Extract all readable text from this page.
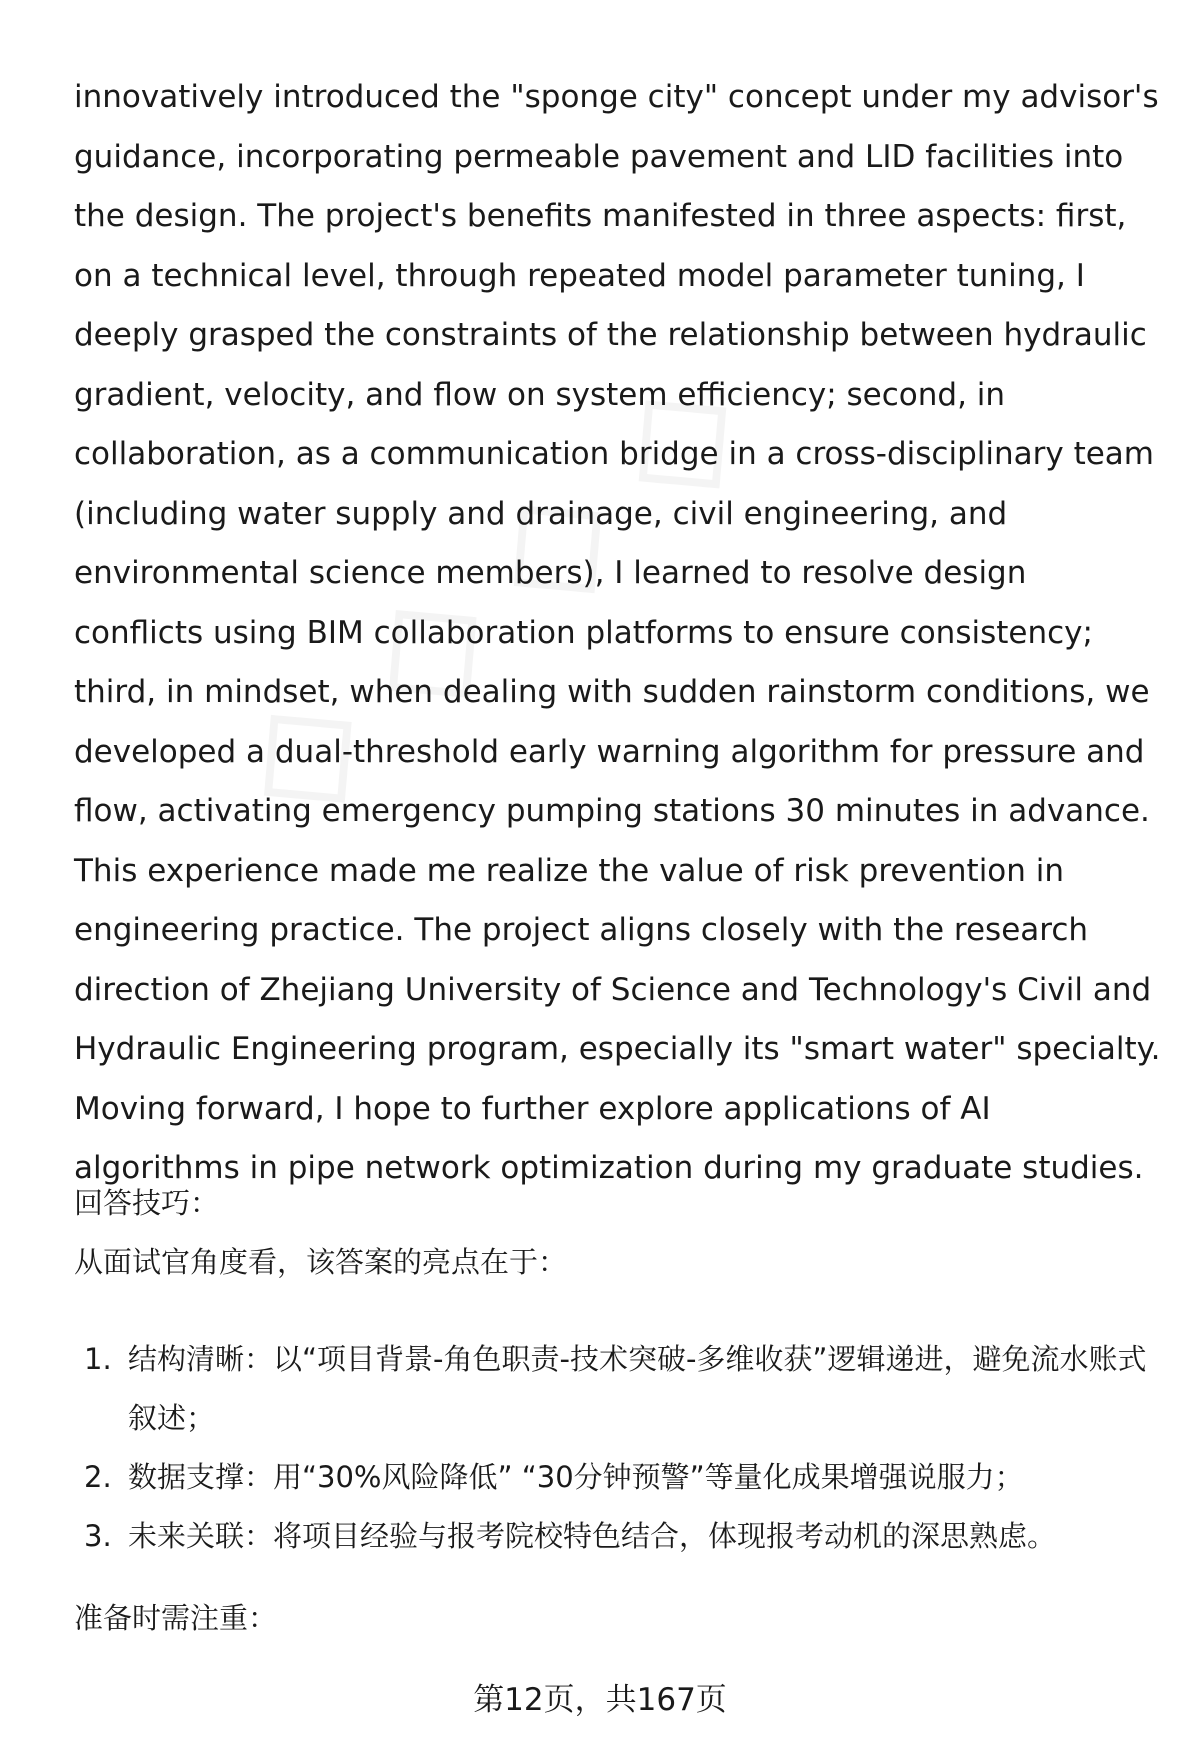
innovatively introduced the "sponge city" concept under my advisor's guidance, incorporating permeable pavement and LID facilities into the design. The project's benefits manifested in three aspects: first, on a technical level, through repeated model parameter tuning, I deeply grasped the constraints of the relationship between hydraulic gradient, velocity, and flow on system efficiency; second, in collaboration, as a communication bridge in a cross-disciplinary team (including water supply and drainage, civil engineering, and environmental science members), I learned to resolve design conflicts using BIM collaboration platforms to ensure consistency; third, in mindset, when dealing with sudden rainstorm conditions, we developed a dual-threshold early warning algorithm for pressure and flow, activating emergency pumping stations 30 minutes in advance. This experience made me realize the value of risk prevention in engineering practice. The project aligns closely with the research direction of Zhejiang University of Science and Technology's Civil and Hydraulic Engineering program, especially its "smart water" specialty. Moving forward, I hope to further explore applications of AI algorithms in pipe network optimization during my graduate studies.

回答技巧：

从面试官角度看，该答案的亮点在于：

1. 结构清晰：以“项目背景-角色职责-技术突破-多维收获”逻辑递进，避免流水账式叙述；
2. 数据支撑：用“30%风险降低” “30分钟预警”等量化成果增强说服力；
3. 未来关联：将项目经验与报考院校特色结合，体现报考动机的深思熟虑。

准备时需注重：

第12页，共167页
